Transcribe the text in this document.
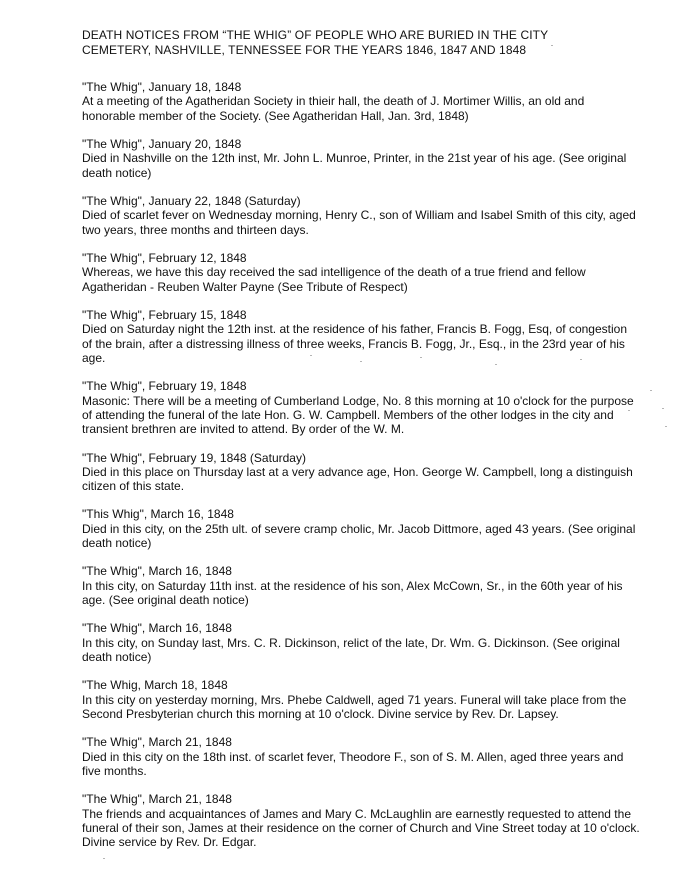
DEATH NOTICES FROM “THE WHIG” OF PEOPLE WHO ARE BURIED IN THE CITY
CEMETERY, NASHVILLE, TENNESSEE FOR THE YEARS 1846, 1847 AND 1848
"The Whig", January 18, 1848
At a meeting of the Agatheridan Society in thieir hall, the death of J. Mortimer Willis, an old and honorable member of the Society. (See Agatheridan Hall, Jan. 3rd, 1848)
"The Whig", January 20, 1848
Died in Nashville on the 12th inst, Mr. John L. Munroe, Printer, in the 21st year of his age. (See original death notice)
"The Whig", January 22, 1848 (Saturday)
Died of scarlet fever on Wednesday morning, Henry C., son of William and Isabel Smith of this city, aged two years, three months and thirteen days.
"The Whig", February 12, 1848
Whereas, we have this day received the sad intelligence of the death of a true friend and fellow Agatheridan - Reuben Walter Payne (See Tribute of Respect)
"The Whig", February 15, 1848
Died on Saturday night the 12th inst. at the residence of his father, Francis B. Fogg, Esq, of congestion of the brain, after a distressing illness of three weeks, Francis B. Fogg, Jr., Esq., in the 23rd year of his age.
"The Whig", February 19, 1848
Masonic: There will be a meeting of Cumberland Lodge, No. 8 this morning at 10 o'clock for the purpose of attending the funeral of the late Hon. G. W. Campbell. Members of the other lodges in the city and transient brethren are invited to attend. By order of the W. M.
"The Whig", February 19, 1848 (Saturday)
Died in this place on Thursday last at a very advance age, Hon. George W. Campbell, long a distinguish citizen of this state.
"This Whig", March 16, 1848
Died in this city, on the 25th ult. of severe cramp cholic, Mr. Jacob Dittmore, aged 43 years. (See original death notice)
"The Whig", March 16, 1848
In this city, on Saturday 11th inst. at the residence of his son, Alex McCown, Sr., in the 60th year of his age. (See original death notice)
"The Whig", March 16, 1848
In this city, on Sunday last, Mrs. C. R. Dickinson, relict of the late, Dr. Wm. G. Dickinson. (See original death notice)
"The Whig, March 18, 1848
In this city on yesterday morning, Mrs. Phebe Caldwell, aged 71 years. Funeral will take place from the Second Presbyterian church this morning at 10 o'clock. Divine service by Rev. Dr. Lapsey.
"The Whig", March 21, 1848
Died in this city on the 18th inst. of scarlet fever, Theodore F., son of S. M. Allen, aged three years and five months.
"The Whig", March 21, 1848
The friends and acquaintances of James and Mary C. McLaughlin are earnestly requested to attend the funeral of their son, James at their residence on the corner of Church and Vine Street today at 10 o'clock. Divine service by Rev. Dr. Edgar.
